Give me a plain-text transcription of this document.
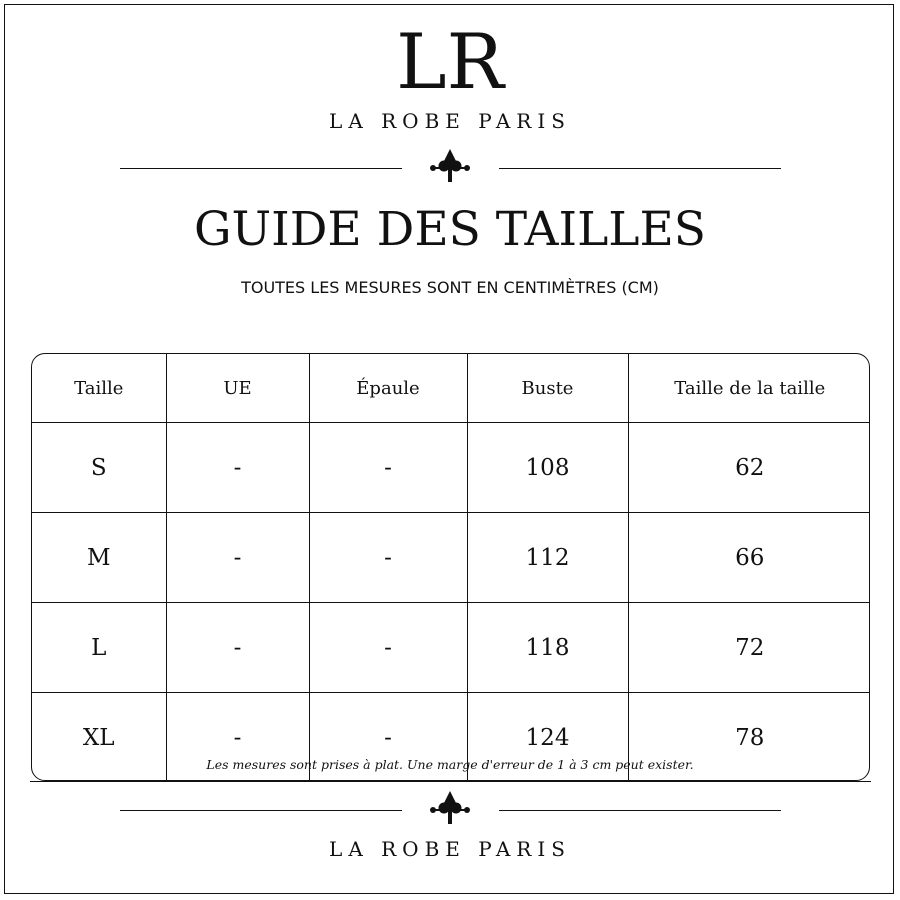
LR
LA ROBE PARIS
GUIDE DES TAILLES
TOUTES LES MESURES SONT EN CENTIMÈTRES (CM)
Taille	UE	Épaule	Buste	Taille de la taille
S	-	-	108	62
M	-	-	112	66
L	-	-	118	72
XL	-	-	124	78
Les mesures sont prises à plat. Une marge d'erreur de 1 à 3 cm peut exister.
LA ROBE PARIS
